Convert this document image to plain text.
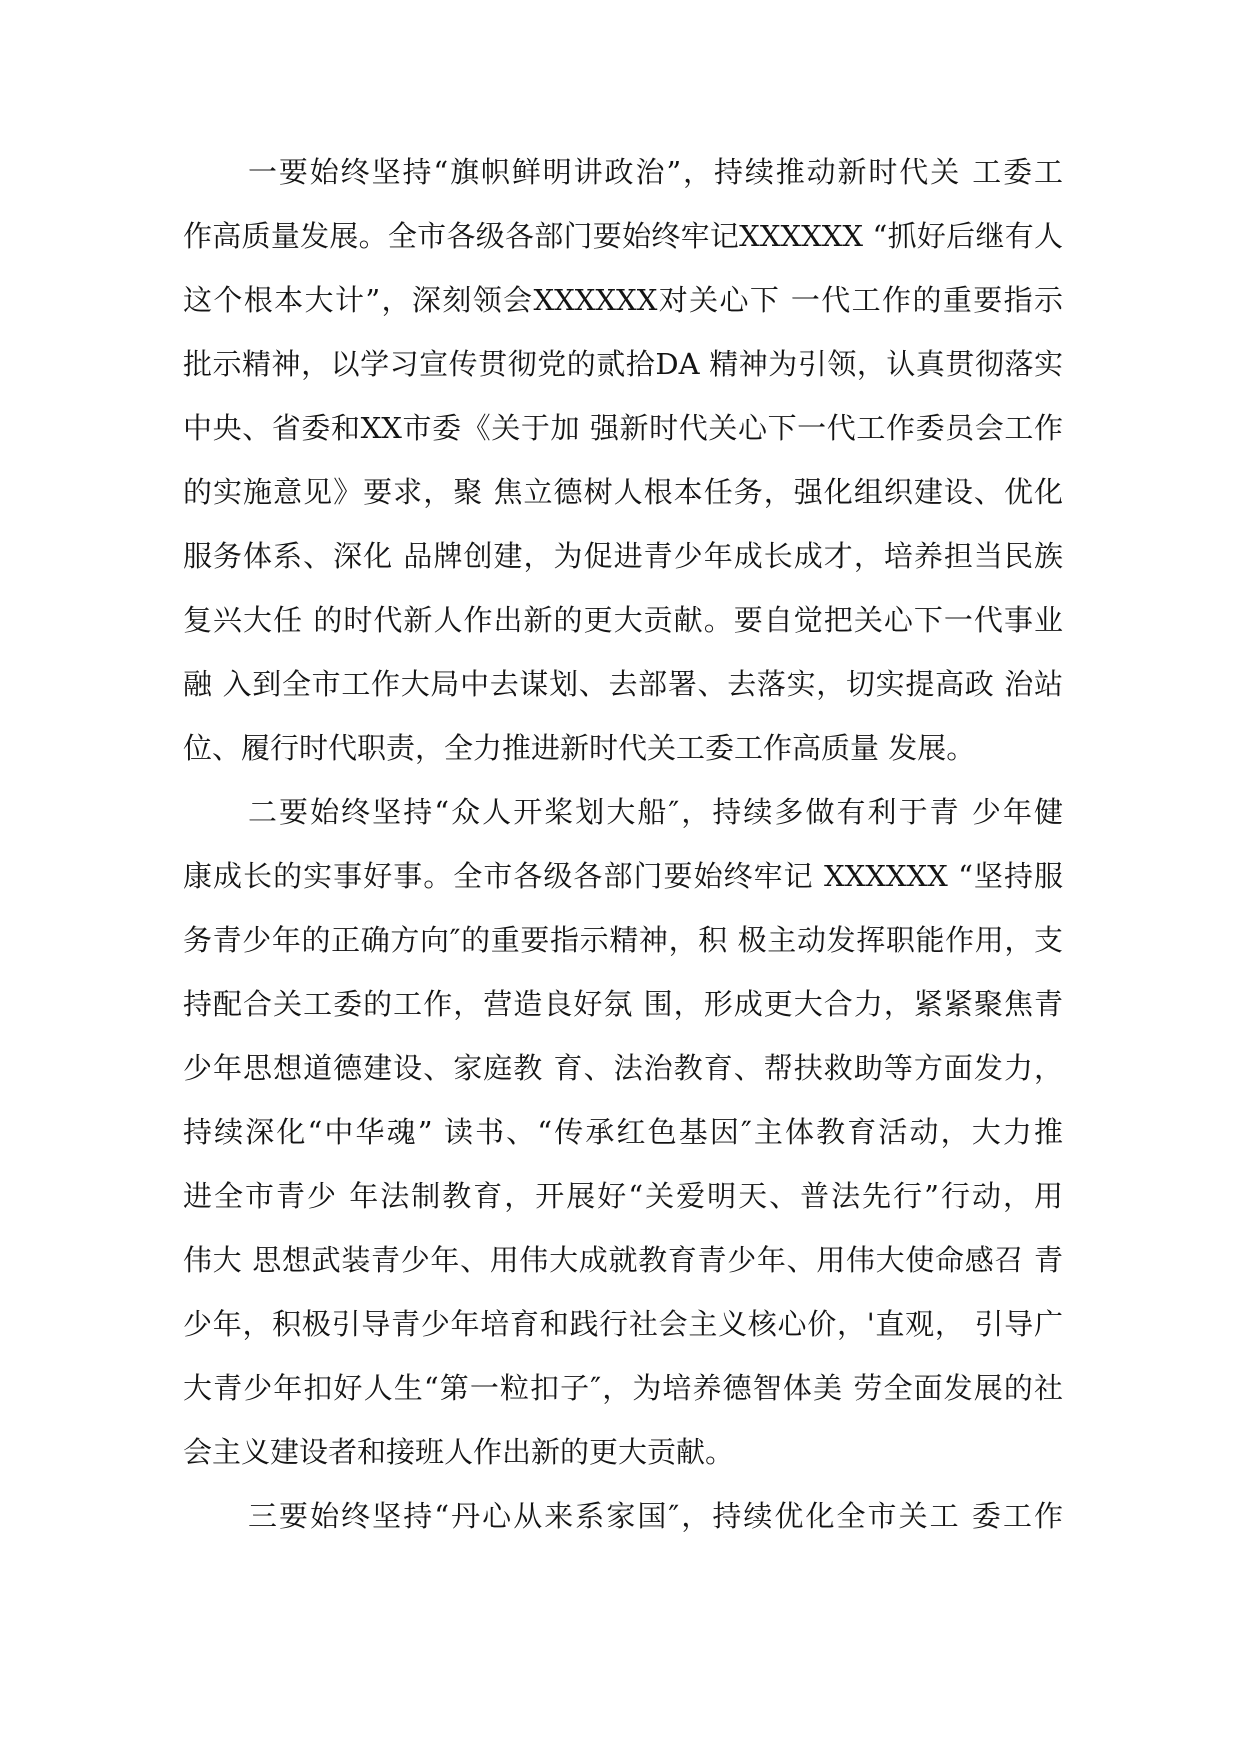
一要始终坚持“旗帜鲜明讲政治”，持续推动新时代关 工委工
作高质量发展。全市各级各部门要始终牢记XXXXXX “抓好后继有人
这个根本大计”，深刻领会XXXXXX对关心下 一代工作的重要指示
批示精神，以学习宣传贯彻党的贰拾DA 精神为引领，认真贯彻落实
中央、省委和XX市委《关于加 强新时代关心下一代工作委员会工作
的实施意见》要求，聚 焦立德树人根本任务，强化组织建设、优化
服务体系、深化 品牌创建，为促进青少年成长成才，培养担当民族
复兴大任 的时代新人作出新的更大贡献。要自觉把关心下一代事业
融 入到全市工作大局中去谋划、去部署、去落实，切实提高政 治站
位、履行时代职责，全力推进新时代关工委工作高质量 发展。
二要始终坚持“众人开桨划大船″，持续多做有利于青 少年健
康成长的实事好事。全市各级各部门要始终牢记 XXXXXX “坚持服
务青少年的正确方向″的重要指示精神，积 极主动发挥职能作用，支
持配合关工委的工作，营造良好氛 围，形成更大合力，紧紧聚焦青
少年思想道德建设、家庭教 育、法治教育、帮扶救助等方面发力，
持续深化“中华魂” 读书、“传承红色基因″主体教育活动，大力推
进全市青少 年法制教育，开展好“关爱明天、普法先行”行动，用
伟大 思想武装青少年、用伟大成就教育青少年、用伟大使命感召 青
少年，积极引导青少年培育和践行社会主义核心价，'直观， 引导广
大青少年扣好人生“第一粒扣子″，为培养德智体美 劳全面发展的社
会主义建设者和接班人作出新的更大贡献。
三要始终坚持“丹心从来系家国″，持续优化全市关工 委工作
